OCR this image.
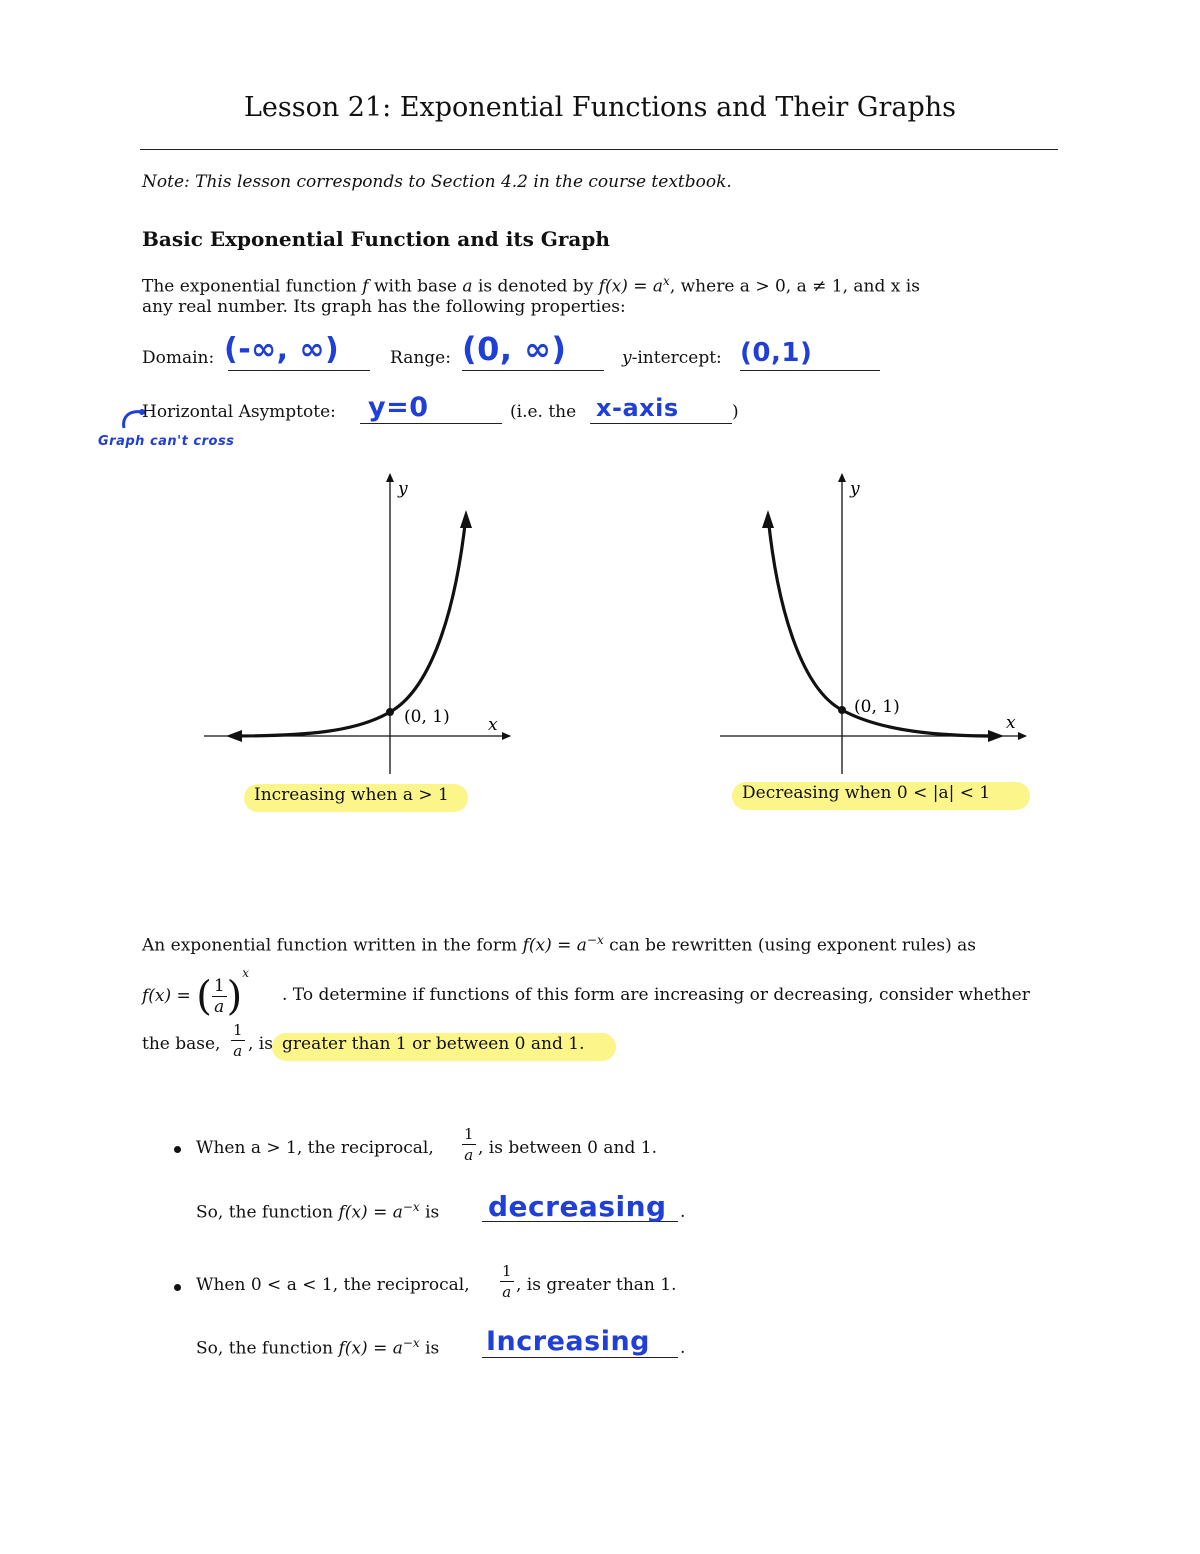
Lesson 21: Exponential Functions and Their Graphs
Note: This lesson corresponds to Section 4.2 in the course textbook.
Basic Exponential Function and its Graph
The exponential function f with base a is denoted by $f(x) = a^x$, where a > 0, a ≠ 1, and x is
any real number. Its graph has the following properties:
Domain: (-∞, ∞)	Range: (0, ∞)	y-intercept: (0,1)
Horizontal Asymptote: y=0	(i.e. the x-axis	)
Graph can't cross
(0, 1) x
y
Increasing when a > 1
(0, 1)
x
y
Decreasing when 0 < |a| < 1
An exponential function written in the form $f(x) = a^{-x}$ can be rewritten (using exponent rules) as
f(x) = ( $\frac{1}{a} )^x$
. To determine if functions of this form are increasing or decreasing, consider whether
the base, $\frac{1}{a}$ , is greater than 1 or between 0 and 1.
When a > 1, the reciprocal, $\frac{1}{a}$ , is between 0 and 1.
So, the function $f(x) = a^{-x}$ is decreasing .
When 0 < a < 1, the reciprocal, $\frac{1}{a}$ , is greater than 1.
So, the function $f(x) = a^{-x}$ is Increasing .
